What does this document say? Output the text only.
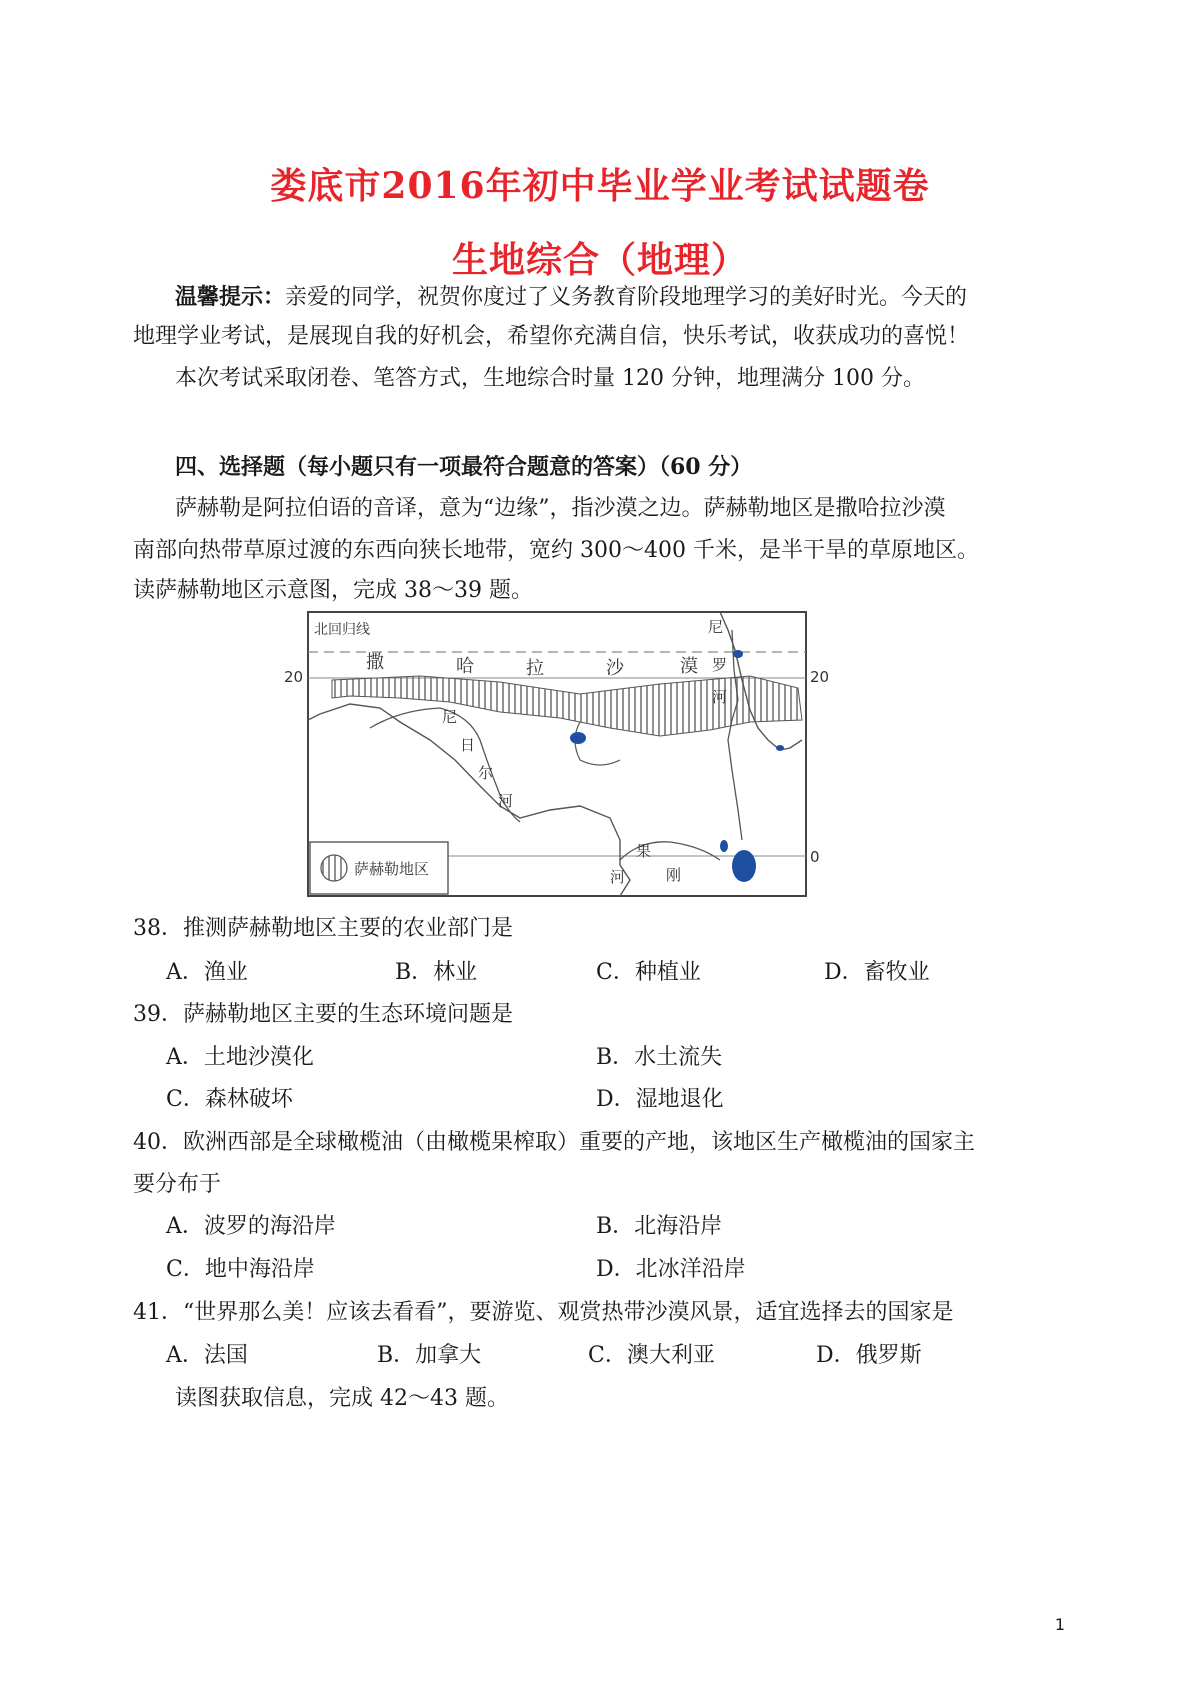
娄底市2016年初中毕业学业考试试题卷
生地综合（地理）
温馨提示：亲爱的同学，祝贺你度过了义务教育阶段地理学习的美好时光。今天的
地理学业考试，是展现自我的好机会，希望你充满自信，快乐考试，收获成功的喜悦！
本次考试采取闭卷、笔答方式，生地综合时量 120 分钟，地理满分 100 分。
四、选择题（每小题只有一项最符合题意的答案）（60 分）
萨赫勒是阿拉伯语的音译，意为“边缘”，指沙漠之边。萨赫勒地区是撒哈拉沙漠
南部向热带草原过渡的东西向狭长地带，宽约 300～400 千米，是半干旱的草原地区。
读萨赫勒地区示意图，完成 38～39 题。
北回归线
20	20
0
撒	哈	拉	沙	漠
尼
罗
河
尼
日
尔
河
果
河	刚
萨赫勒地区
38．推测萨赫勒地区主要的农业部门是
A．渔业	B．林业	C．种植业	D．畜牧业
39．萨赫勒地区主要的生态环境问题是
A．土地沙漠化	B．水土流失
C．森林破坏	D．湿地退化
40．欧洲西部是全球橄榄油（由橄榄果榨取）重要的产地，该地区生产橄榄油的国家主
要分布于
A．波罗的海沿岸	B．北海沿岸
C．地中海沿岸	D．北冰洋沿岸
41．“世界那么美！应该去看看”，要游览、观赏热带沙漠风景，适宜选择去的国家是
A．法国	B．加拿大	C．澳大利亚	D．俄罗斯
读图获取信息，完成 42～43 题。
1
